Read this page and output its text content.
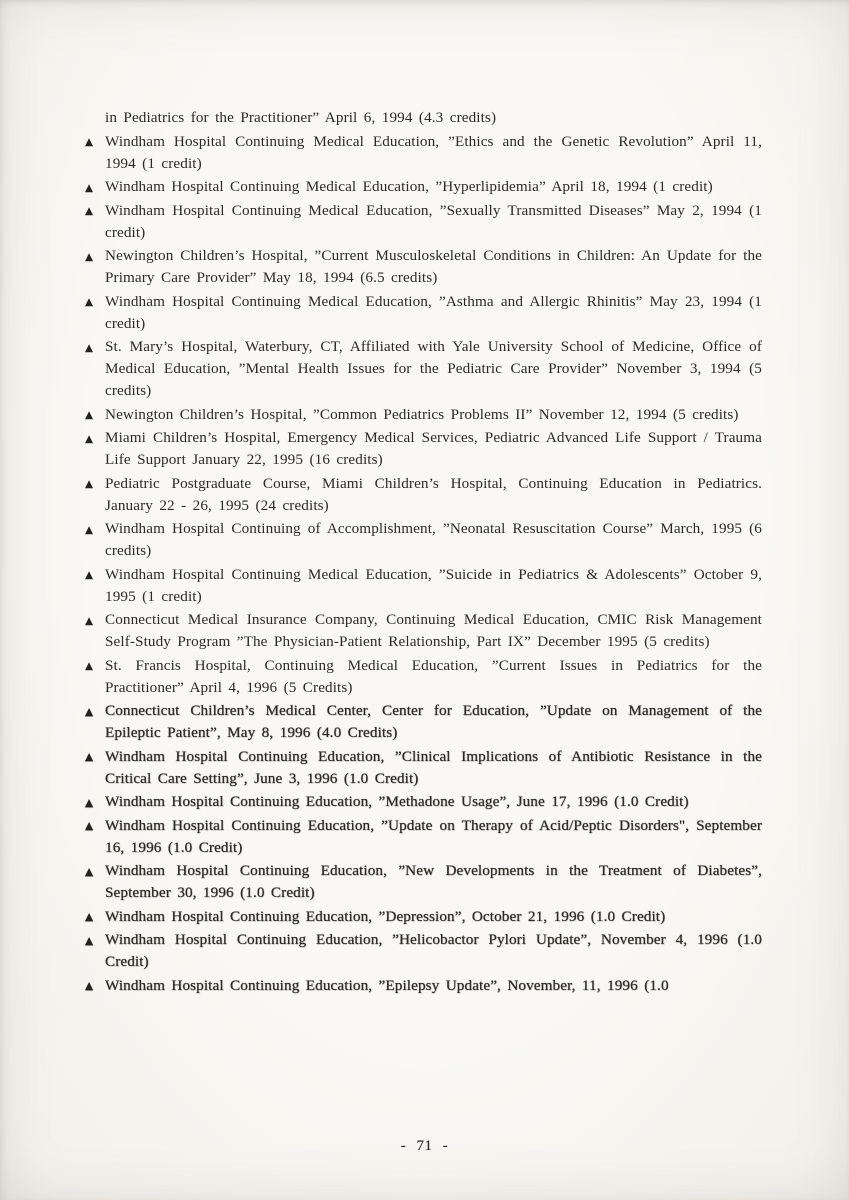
in Pediatrics for the Practitioner” April 6, 1994 (4.3 credits)
▲ Windham Hospital Continuing Medical Education, ”Ethics and the Genetic Revolution” April 11, 1994 (1 credit)
▲ Windham Hospital Continuing Medical Education, ”Hyperlipidemia” April 18, 1994 (1 credit)
▲ Windham Hospital Continuing Medical Education, ”Sexually Transmitted Diseases” May 2, 1994 (1 credit)
▲ Newington Children’s Hospital, ”Current Musculoskeletal Conditions in Children: An Update for the Primary Care Provider” May 18, 1994 (6.5 credits)
▲ Windham Hospital Continuing Medical Education, ”Asthma and Allergic Rhinitis” May 23, 1994 (1 credit)
▲ St. Mary’s Hospital, Waterbury, CT, Affiliated with Yale University School of Medicine, Office of Medical Education, ”Mental Health Issues for the Pediatric Care Provider” November 3, 1994 (5 credits)
▲ Newington Children’s Hospital, ”Common Pediatrics Problems II” November 12, 1994 (5 credits)
▲ Miami Children’s Hospital, Emergency Medical Services, Pediatric Advanced Life Support / Trauma Life Support January 22, 1995 (16 credits)
▲ Pediatric Postgraduate Course, Miami Children’s Hospital, Continuing Education in Pediatrics. January 22 - 26, 1995 (24 credits)
▲ Windham Hospital Continuing of Accomplishment, ”Neonatal Resuscitation Course” March, 1995 (6 credits)
▲ Windham Hospital Continuing Medical Education, ”Suicide in Pediatrics & Adolescents” October 9, 1995 (1 credit)
▲ Connecticut Medical Insurance Company, Continuing Medical Education, CMIC Risk Management Self-Study Program ”The Physician-Patient Relationship, Part IX” December 1995 (5 credits)
▲ St. Francis Hospital, Continuing Medical Education, ”Current Issues in Pediatrics for the Practitioner” April 4, 1996 (5 Credits)
▲ Connecticut Children’s Medical Center, Center for Education, ”Update on Management of the Epileptic Patient”, May 8, 1996 (4.0 Credits)
▲ Windham Hospital Continuing Education, ”Clinical Implications of Antibiotic Resistance in the Critical Care Setting”, June 3, 1996 (1.0 Credit)
▲ Windham Hospital Continuing Education, ”Methadone Usage”, June 17, 1996 (1.0 Credit)
▲ Windham Hospital Continuing Education, ”Update on Therapy of Acid/Peptic Disorders", September 16, 1996 (1.0 Credit)
▲ Windham Hospital Continuing Education, ”New Developments in the Treatment of Diabetes”, September 30, 1996 (1.0 Credit)
▲ Windham Hospital Continuing Education, ”Depression”, October 21, 1996 (1.0 Credit)
▲ Windham Hospital Continuing Education, ”Helicobactor Pylori Update”, November 4, 1996 (1.0 Credit)
▲ Windham Hospital Continuing Education, ”Epilepsy Update”, November, 11, 1996 (1.0
- 71 -
